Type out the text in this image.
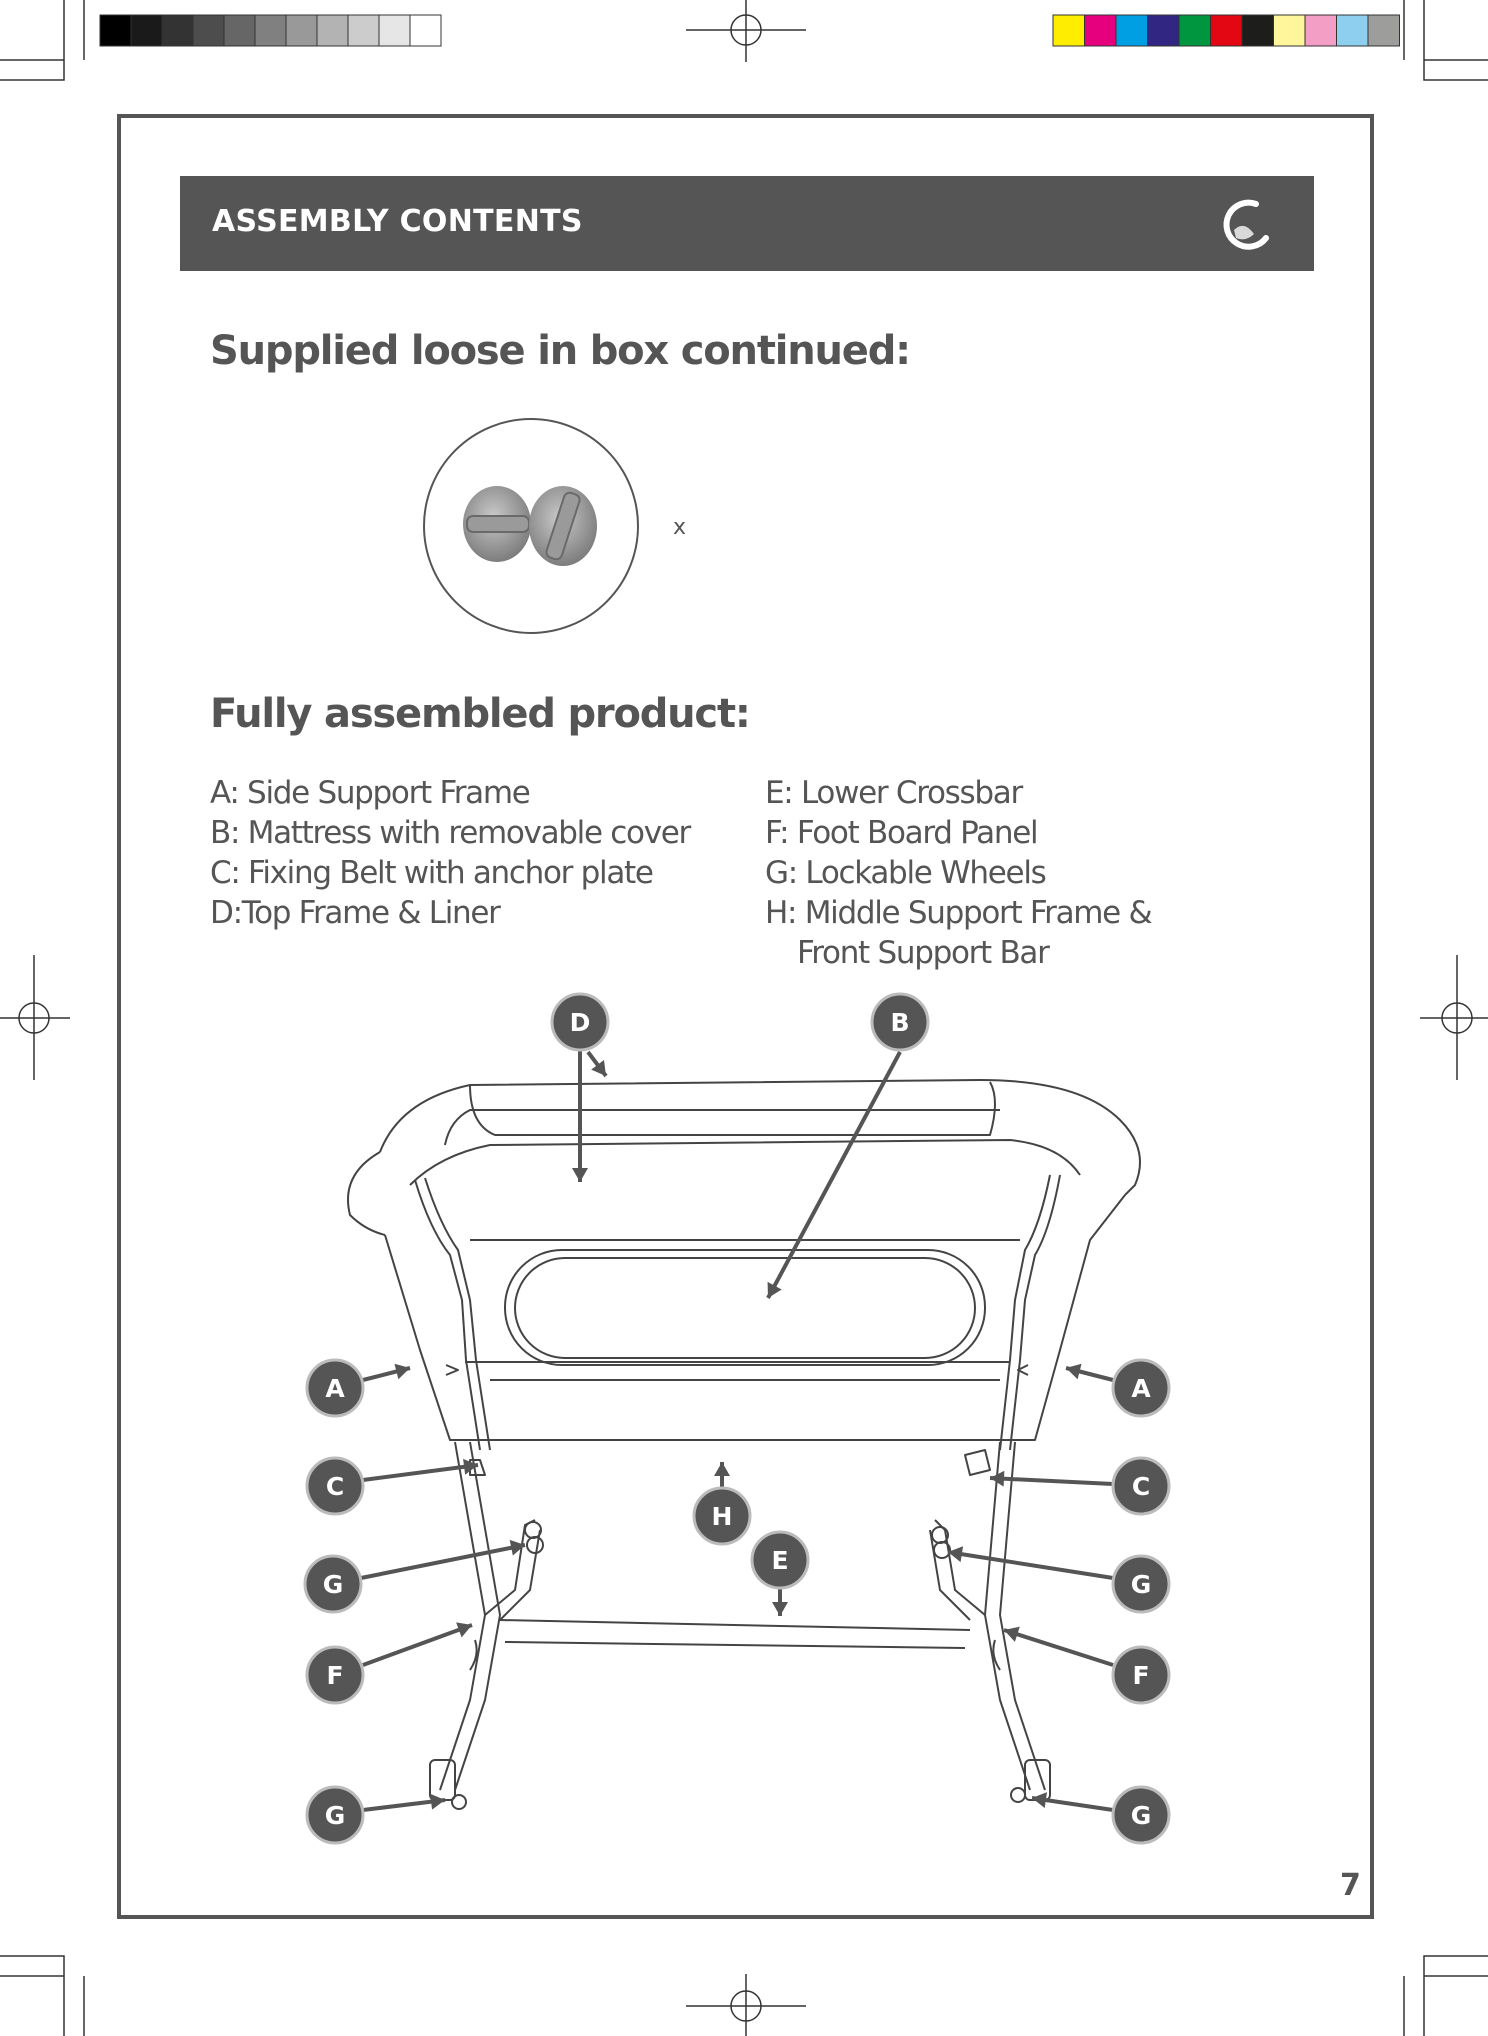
ASSEMBLY CONTENTS
Supplied loose in box continued:
x
Fully assembled product:
A: Side Support Frame
B: Mattress with removable cover
C: Fixing Belt with anchor plate
D:Top Frame & Liner
E: Lower Crossbar
F: Foot Board Panel
G: Lockable Wheels
H: Middle Support Frame &
Front Support Bar
D	B
A	A
C	C
H
E
G	G
F	F
G	G
7
